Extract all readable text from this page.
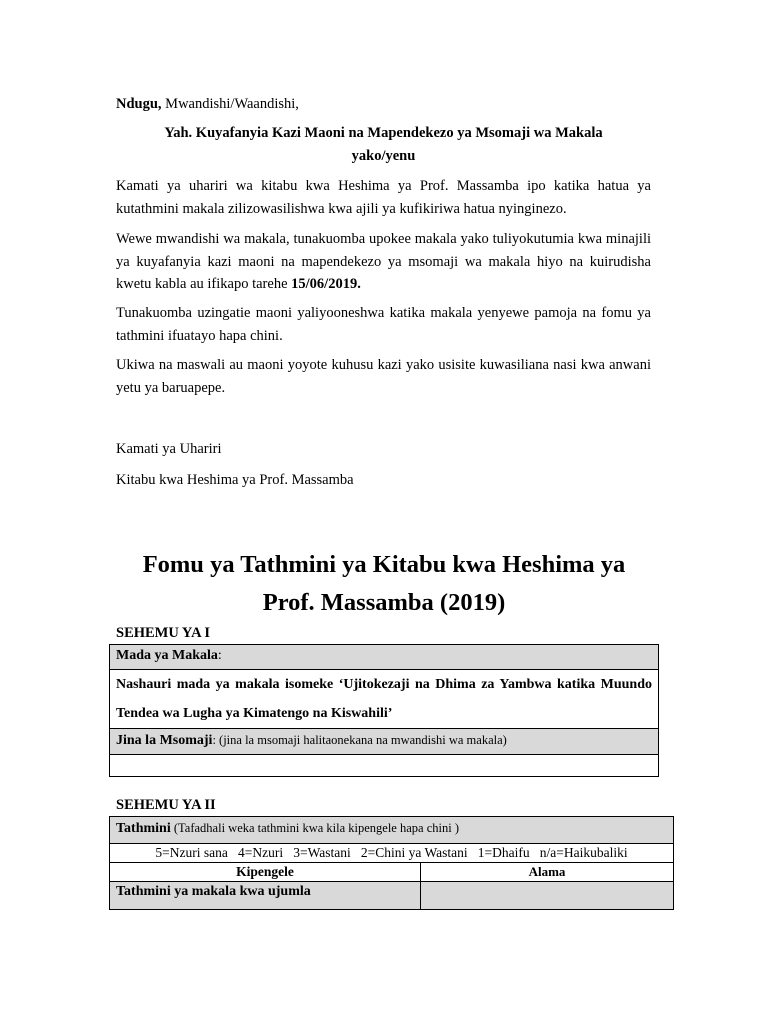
Ndugu, Mwandishi/Waandishi,
Yah. Kuyafanyia Kazi Maoni na Mapendekezo ya Msomaji wa Makala
yako/yenu
Kamati ya uhariri wa kitabu kwa Heshima ya Prof. Massamba ipo katika hatua ya kutathmini makala zilizowasilishwa kwa ajili ya kufikiriwa hatua nyinginezo.
Wewe mwandishi wa makala, tunakuomba upokee makala yako tuliyokutumia kwa minajili ya kuyafanyia kazi maoni na mapendekezo ya msomaji wa makala hiyo na kuirudisha kwetu kabla au ifikapo tarehe 15/06/2019.
Tunakuomba uzingatie maoni yaliyooneshwa katika makala yenyewe pamoja na fomu ya tathmini ifuatayo hapa chini.
Ukiwa na maswali au maoni yoyote kuhusu kazi yako usisite kuwasiliana nasi kwa anwani yetu ya baruapepe.
Kamati ya Uhariri
Kitabu kwa Heshima ya Prof. Massamba
Fomu ya Tathmini ya Kitabu kwa Heshima ya
Prof. Massamba (2019)
SEHEMU YA I
Mada ya Makala:
Nashauri mada ya makala isomeke ‘Ujitokezaji na Dhima za Yambwa katika Muundo Tendea wa Lugha ya Kimatengo na Kiswahili’
Jina la Msomaji: (jina la msomaji halitaonekana na mwandishi wa makala)

SEHEMU YA II
Tathmini (Tafadhali weka tathmini kwa kila kipengele hapa chini )	
5=Nzuri sana   4=Nzuri   3=Wastani   2=Chini ya Wastani   1=Dhaifu   n/a=Haikubaliki	
Kipengele	Alama
Tathmini ya makala kwa ujumla	
